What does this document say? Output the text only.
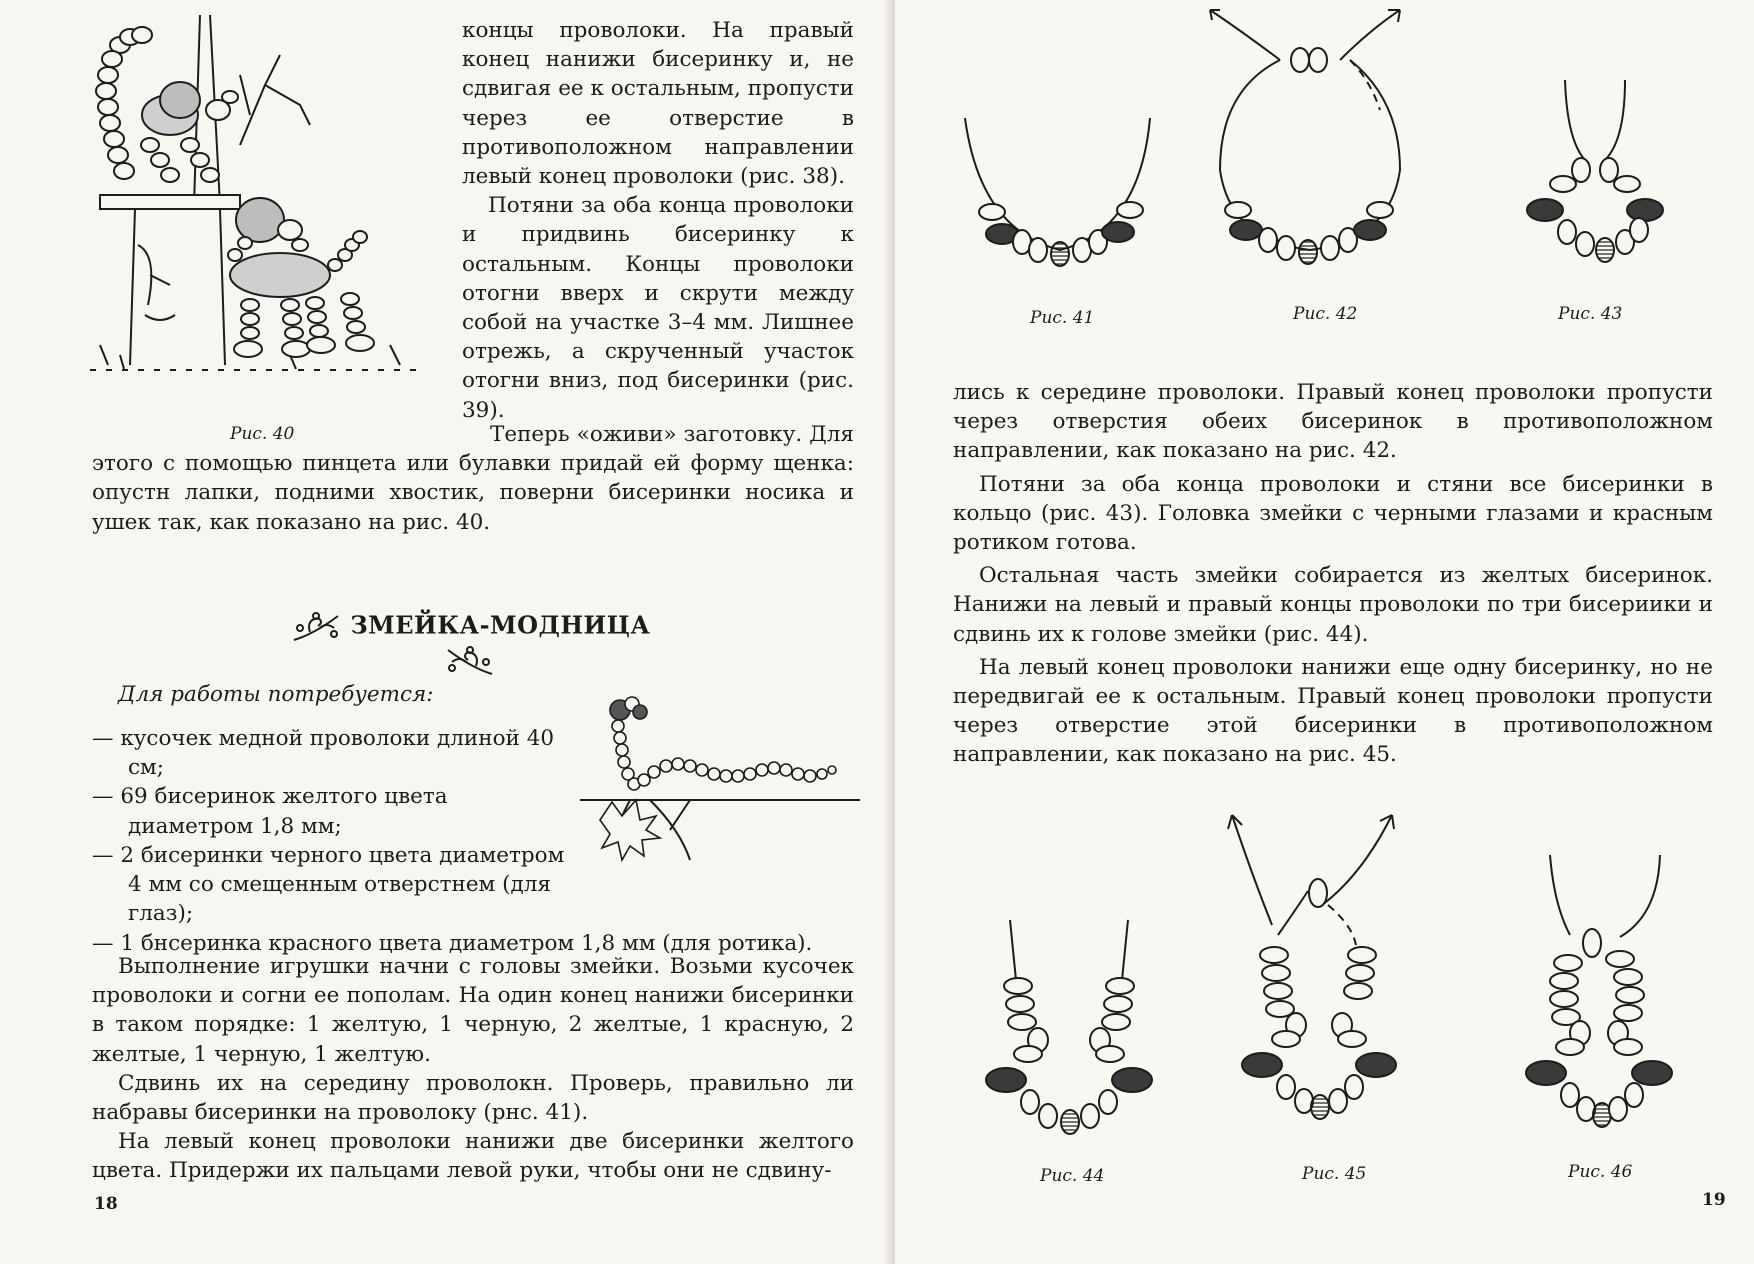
Рис. 40

концы проволоки. На правый конец нанижи бисеринку и, не сдвигая ее к остальным, пропусти через ее отверстие в противоположном направлении левый конец проволоки (рис. 38).

Потяни за оба конца проволоки и придвинь бисеринку к остальным. Концы проволоки отогни вверх и скрути между собой на участке 3–4 мм. Лишнее отрежь, а скрученный участок отогни вниз, под бисеринки (рис. 39).

Теперь «оживи» заготовку. Для этого с помощью пинцета или булавки придай ей форму щенка: опустн лапки, подними хвостик, поверни бисеринки носика и ушек так, как показано на рис. 40.

ЗМЕЙКА-МОДНИЦА
Для работы потребуется:
— кусочек медной проволоки длиной 40 см;
— 69 бисеринок желтого цвета диаметром 1,8 мм;
— 2 бисеринки черного цвета диаметром 4 мм со смещенным отверстнем (для глаз);
— 1 бнсеринка красного цвета диаметром 1,8 мм (для ротика).

Выполнение игрушки начни с головы змейки. Возьми кусочек проволоки и согни ее пополам. На один конец нанижи бисеринки в таком порядке: 1 желтую, 1 черную, 2 желтые, 1 красную, 2 желтые, 1 черную, 1 желтую.

Сдвинь их на середину проволокн. Проверь, правильно ли набравы бисеринки на проволоку (рнс. 41).

На левый конец проволоки нанижи две бисеринки желтого цвета. Придержи их пальцами левой руки, чтобы они не сдвину-

18
Рис. 41	Рис. 42	Рис. 43

лись к середине проволоки. Правый конец проволоки пропусти через отверстия обеих бисеринок в противоположном направлении, как показано на рис. 42.

Потяни за оба конца проволоки и стяни все бисеринки в кольцо (рис. 43). Головка змейки с черными глазами и красным ротиком готова.

Остальная часть змейки собирается из желтых бисеринок. Нанижи на левый и правый концы проволоки по три бисериики и сдвинь их к голове змейки (рис. 44).

На левый конец проволоки нанижи еще одну бисеринку, но не передвигай ее к остальным. Правый конец проволоки пропусти через отверстие этой бисеринки в противоположном направлении, как показано на рис. 45.

Рис. 44	Рис. 45	Рис. 46
19
